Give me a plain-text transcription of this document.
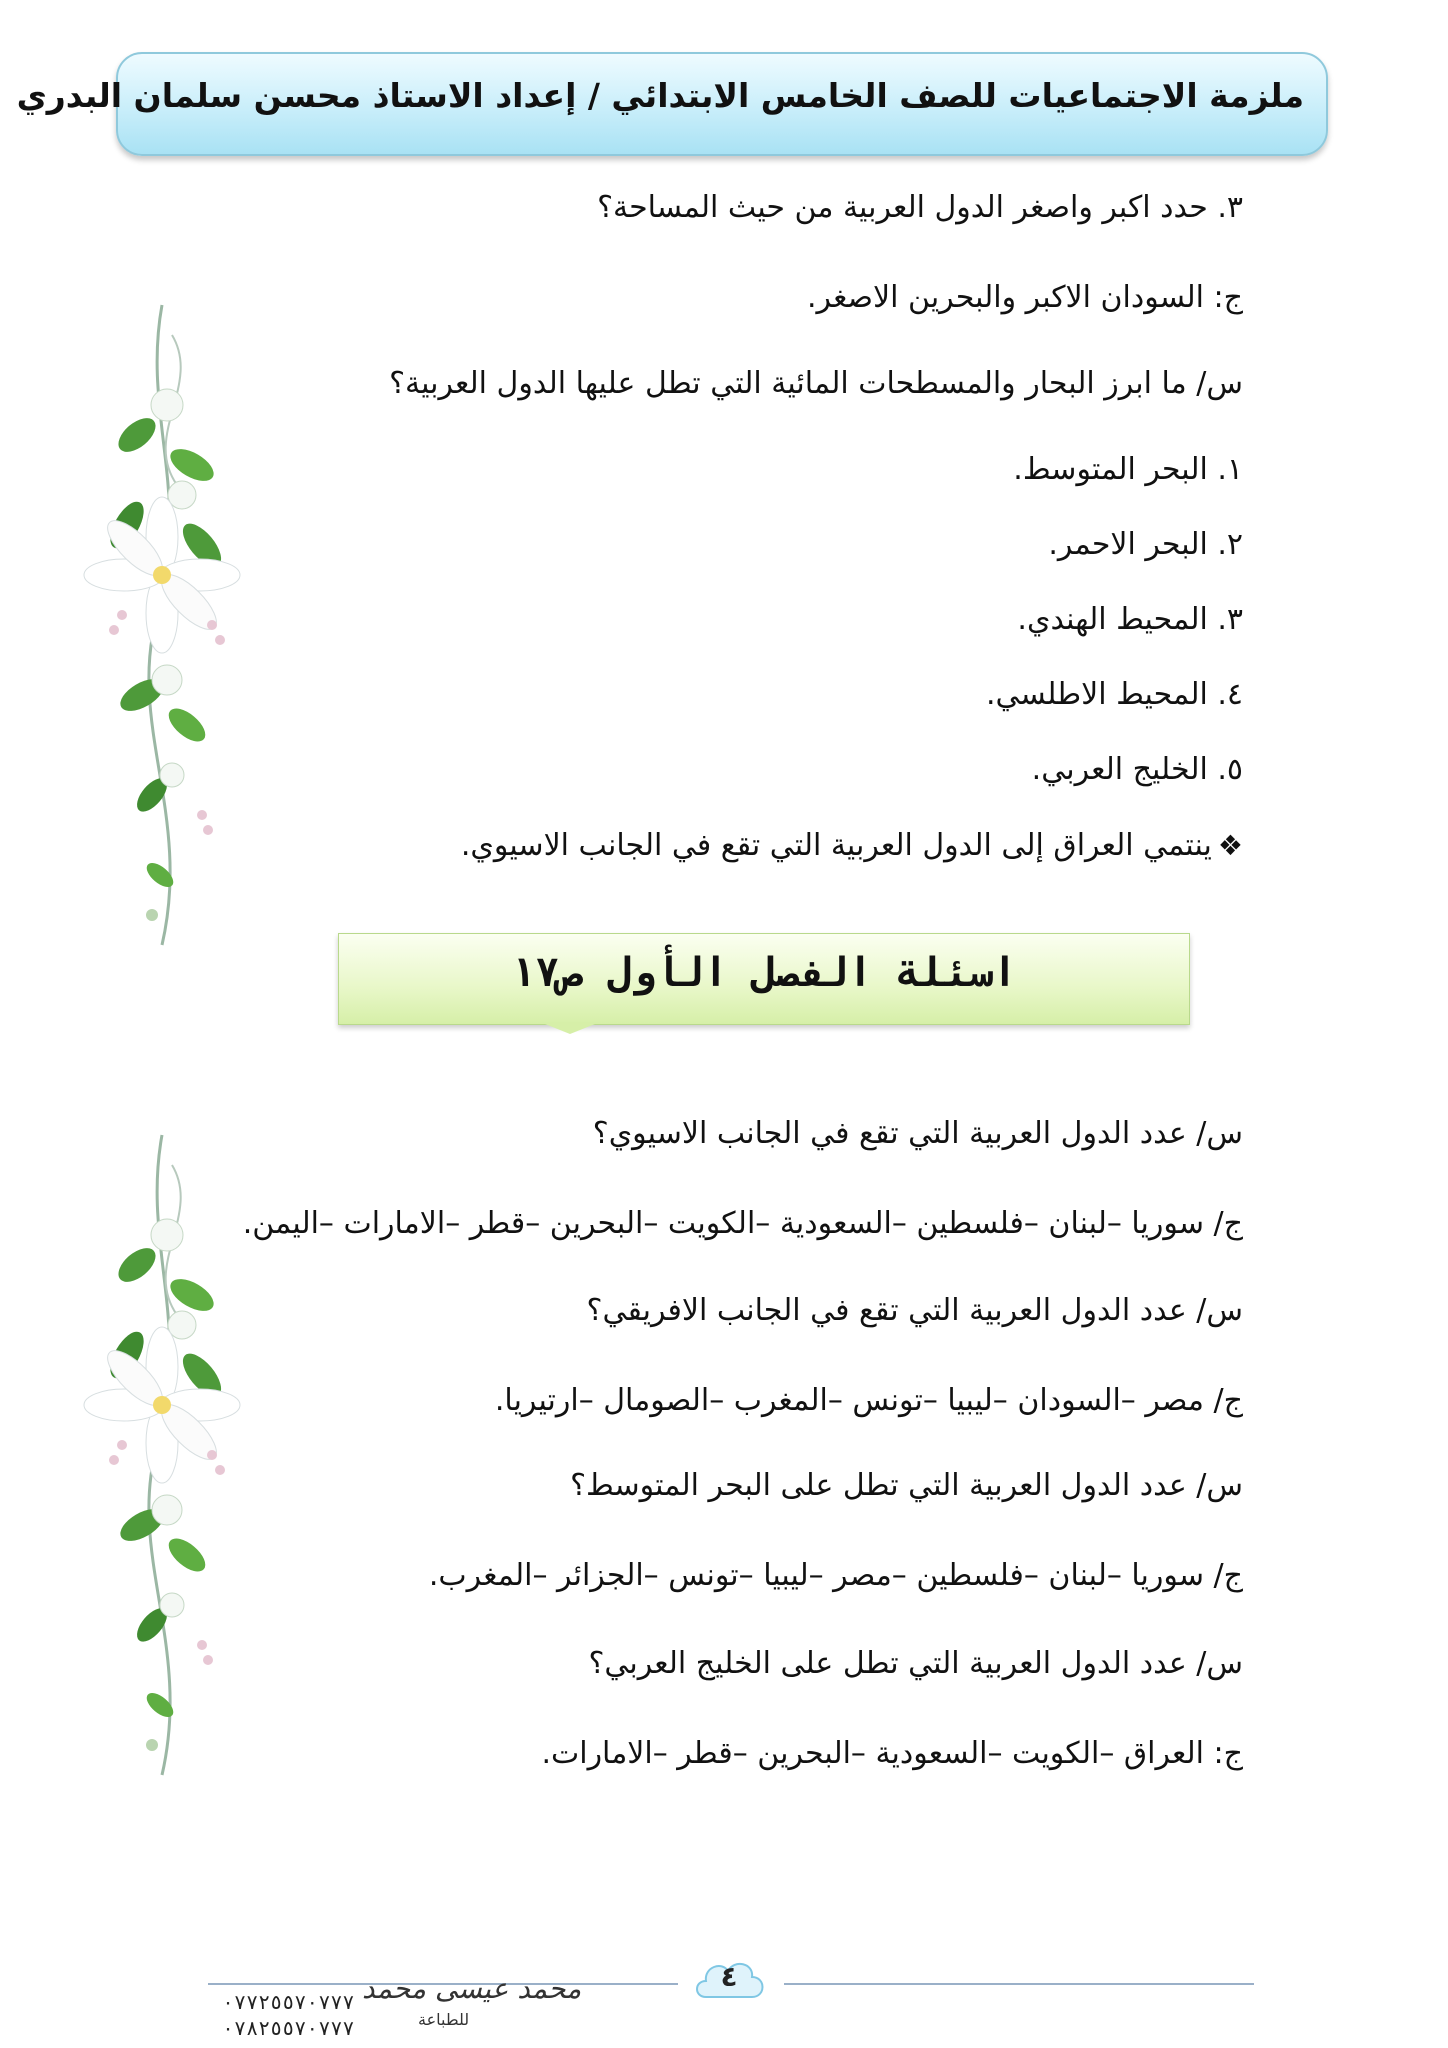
ملزمة الاجتماعيات للصف الخامس الابتدائي / إعداد الاستاذ محسن سلمان البدري
٣. حدد اكبر واصغر الدول العربية من حيث المساحة؟
ج: السودان الاكبر والبحرين الاصغر.
س/ ما ابرز البحار والمسطحات المائية التي تطل عليها الدول العربية؟
١. البحر المتوسط.
٢. البحر الاحمر.
٣. المحيط الهندي.
٤. المحيط الاطلسي.
٥. الخليج العربي.
❖ينتمي العراق إلى الدول العربية التي تقع في الجانب الاسيوي.
اسئلة الفصل الأول ص١٧
س/ عدد الدول العربية التي تقع في الجانب الاسيوي؟
ج/ سوريا –لبنان –فلسطين –السعودية –الكويت –البحرين –قطر –الامارات –اليمن.
س/ عدد الدول العربية التي تقع في الجانب الافريقي؟
ج/ مصر –السودان –ليبيا –تونس –المغرب –الصومال –ارتيريا.
س/ عدد الدول العربية التي تطل على البحر المتوسط؟
ج/ سوريا –لبنان –فلسطين –مصر –ليبيا –تونس –الجزائر –المغرب.
س/ عدد الدول العربية التي تطل على الخليج العربي؟
ج: العراق –الكويت –السعودية –البحرين –قطر –الامارات.
٤
٠٧٧٢٥٥٧٠٧٧٧
٠٧٨٢٥٥٧٠٧٧٧
محمد عيسى محمد
للطباعة
